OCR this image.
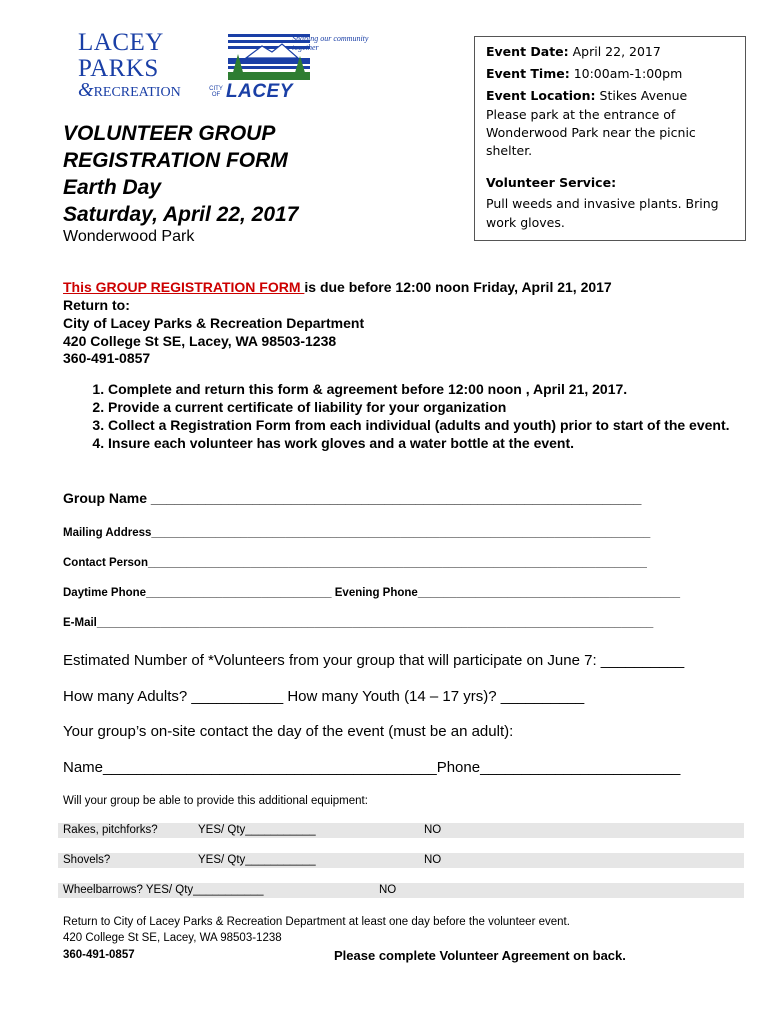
LACEY
PARKS
&RECREATION
Shaping our community together
CITY OF LACEY
Event Date: April 22, 2017
Event Time: 10:00am-1:00pm
Event Location: Stikes Avenue
Please park at the entrance of
Wonderwood Park near the picnic
shelter.
Volunteer Service:
Pull weeds and invasive plants. Bring
work gloves.
VOLUNTEER GROUP
REGISTRATION FORM
Earth Day
Saturday, April 22, 2017
Wonderwood Park
This GROUP REGISTRATION FORM is due before 12:00 noon Friday, April 21, 2017
Return to:
City of Lacey Parks & Recreation Department
420 College St SE, Lacey, WA 98503-1238
360-491-0857
1. Complete and return this form & agreement before 12:00 noon , April 21, 2017.
2. Provide a current certificate of liability for your organization
3. Collect a Registration Form from each individual (adults and youth) prior to start of the event.
4. Insure each volunteer has work gloves and a water bottle at the event.
Group Name _______________________________________________________________
Mailing Address______________________________________________________________________________
Contact Person______________________________________________________________________________
Daytime Phone_____________________________ Evening Phone_________________________________________
E-Mail_______________________________________________________________________________________
Estimated Number of *Volunteers from your group that will participate on June 7: __________
How many Adults? ___________ How many Youth (14 – 17 yrs)? __________
Your group’s on-site contact the day of the event (must be an adult):
Name________________________________________Phone________________________
Will your group be able to provide this additional equipment:
Rakes, pitchforks?	YES/ Qty___________	NO
Shovels?	YES/ Qty___________	NO
Wheelbarrows? YES/ Qty___________	NO
Return to City of Lacey Parks & Recreation Department at least one day before the volunteer event.
420 College St SE, Lacey, WA 98503-1238
360-491-0857	Please complete Volunteer Agreement on back.
